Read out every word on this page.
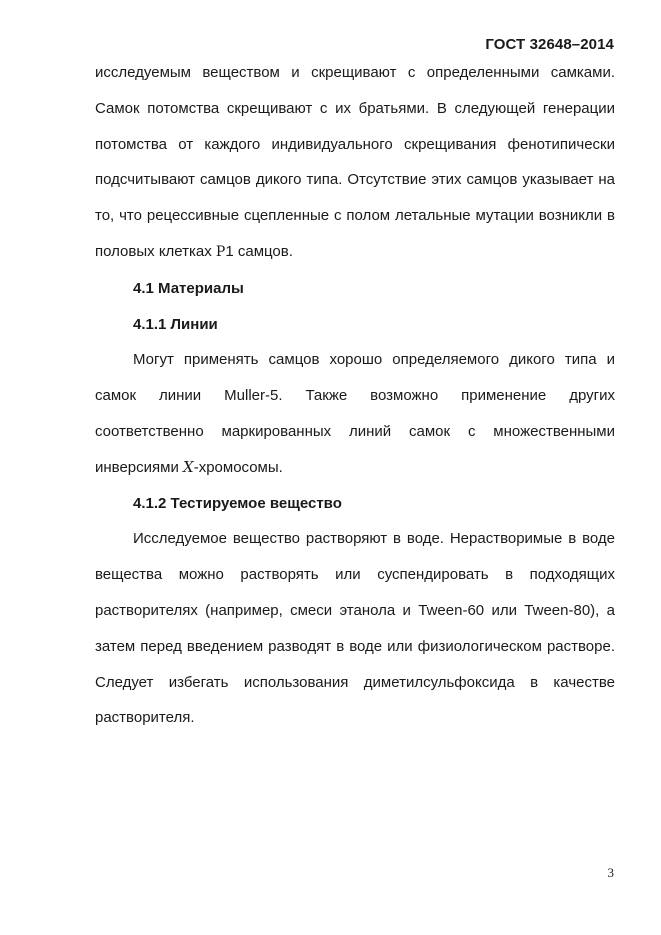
ГОСТ 32648–2014

исследуемым веществом и скрещивают с определенными самками. Самок потомства скрещивают с их братьями. В следующей генерации потомства от каждого индивидуального скрещивания фенотипически подсчитывают самцов дикого типа. Отсутствие этих самцов указывает на то, что рецессивные сцепленные с полом летальные мутации возникли в половых клетках P1 самцов.

4.1 Материалы

4.1.1 Линии

Могут применять самцов хорошо определяемого дикого типа и самок линии Muller-5. Также возможно применение других соответственно маркированных линий самок с множественными инверсиями X-хромосомы.

4.1.2 Тестируемое вещество

Исследуемое вещество растворяют в воде. Нерастворимые в воде вещества можно растворять или суспендировать в подходящих растворителях (например, смеси этанола и Tween-60 или Tween-80), а затем перед введением разводят в воде или физиологическом растворе. Следует избегать использования диметилсульфоксида в качестве растворителя.

3
